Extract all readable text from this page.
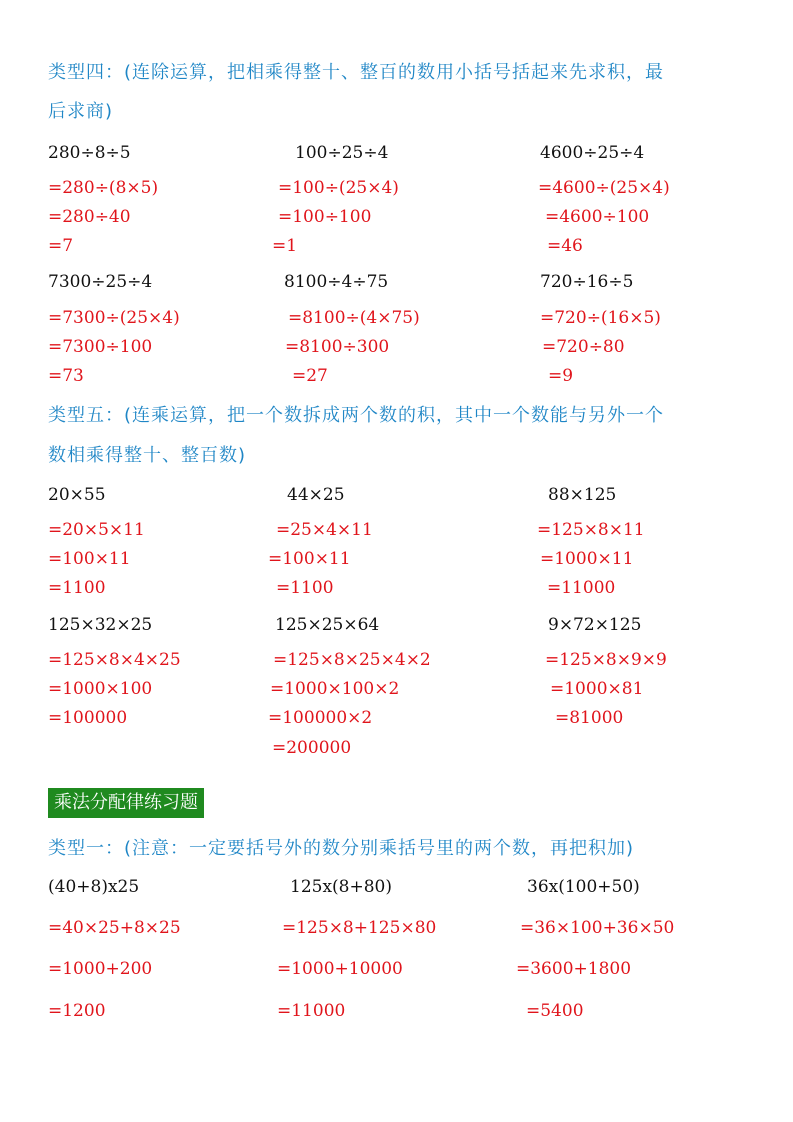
类型四：(连除运算，把相乘得整十、整百的数用小括号括起来先求积，最
后求商)
280÷8÷5
=280÷(8×5)
=280÷40
=7
100÷25÷4
=100÷(25×4)
=100÷100
=1
4600÷25÷4
=4600÷(25×4)
=4600÷100
=46
7300÷25÷4
=7300÷(25×4)
=7300÷100
=73
8100÷4÷75
=8100÷(4×75)
=8100÷300
=27
720÷16÷5
=720÷(16×5)
=720÷80
=9
类型五：(连乘运算，把一个数拆成两个数的积，其中一个数能与另外一个
数相乘得整十、整百数)
20×55
=20×5×11
=100×11
=1100
44×25
=25×4×11
=100×11
=1100
88×125
=125×8×11
=1000×11
=11000
125×32×25
=125×8×4×25
=1000×100
=100000
125×25×64
=125×8×25×4×2
=1000×100×2
=100000×2
=200000
9×72×125
=125×8×9×9
=1000×81
=81000
乘法分配律练习题
类型一：(注意：一定要括号外的数分别乘括号里的两个数，再把积加)
(40+8)x25
=40×25+8×25
=1000+200
=1200
125x(8+80)
=125×8+125×80
=1000+10000
=11000
36x(100+50)
=36×100+36×50
=3600+1800
=5400
